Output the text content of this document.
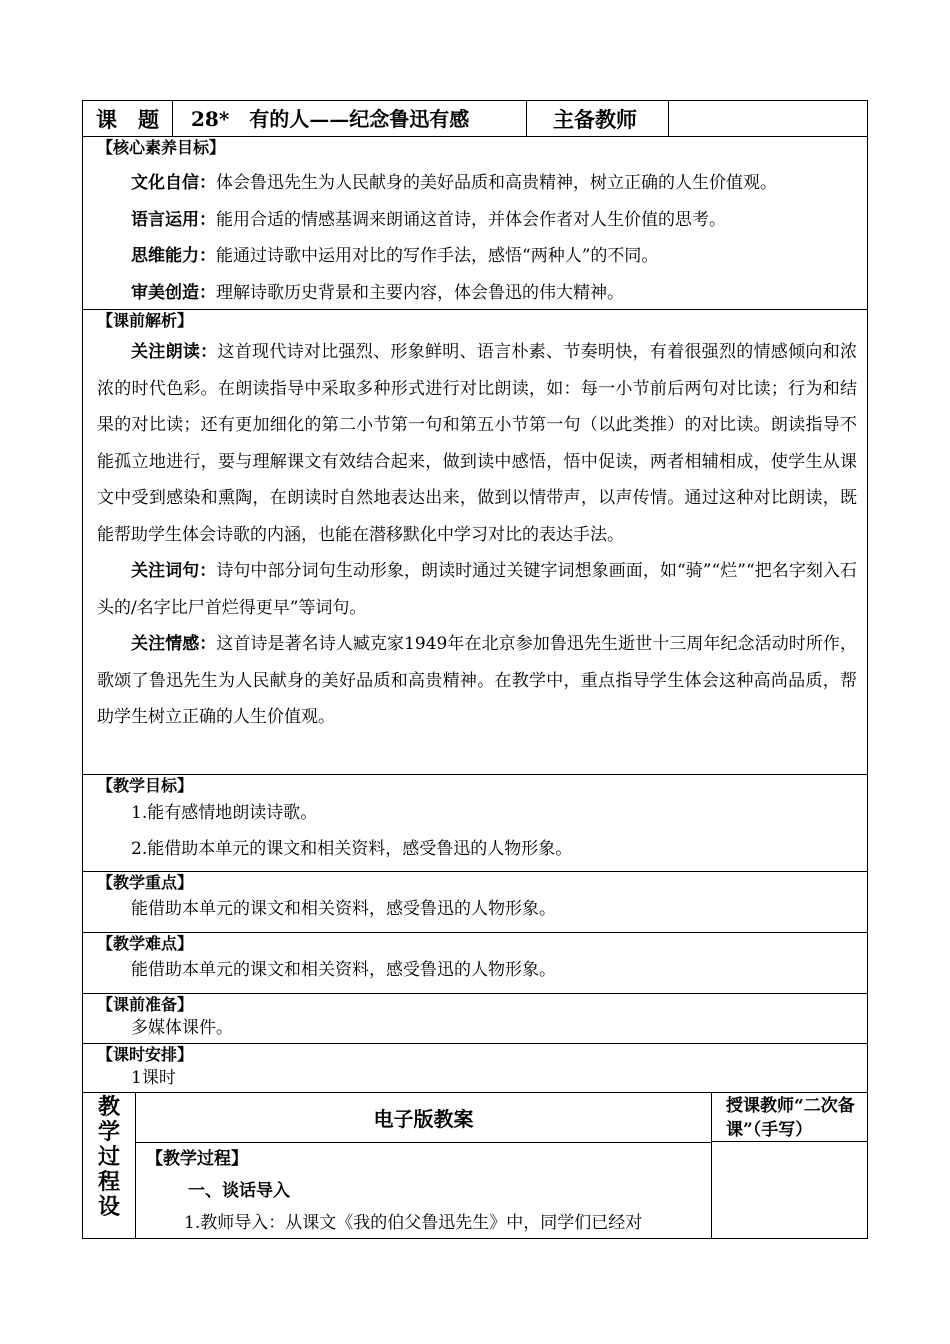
课　题	28*　有的人——纪念鲁迅有感	主备教师
【核心素养目标】
文化自信：体会鲁迅先生为人民献身的美好品质和高贵精神，树立正确的人生价值观。
语言运用：能用合适的情感基调来朗诵这首诗，并体会作者对人生价值的思考。
思维能力：能通过诗歌中运用对比的写作手法，感悟“两种人”的不同。
审美创造：理解诗歌历史背景和主要内容，体会鲁迅的伟大精神。
【课前解析】

关注朗读：这首现代诗对比强烈、形象鲜明、语言朴素、节奏明快，有着很强烈的情感倾向和浓浓的时代色彩。在朗读指导中采取多种形式进行对比朗读，如：每一小节前后两句对比读；行为和结果的对比读；还有更加细化的第二小节第一句和第五小节第一句（以此类推）的对比读。朗读指导不能孤立地进行，要与理解课文有效结合起来，做到读中感悟，悟中促读，两者相辅相成，使学生从课文中受到感染和熏陶，在朗读时自然地表达出来，做到以情带声，以声传情。通过这种对比朗读，既能帮助学生体会诗歌的内涵，也能在潜移默化中学习对比的表达手法。

关注词句：诗句中部分词句生动形象，朗读时通过关键字词想象画面，如“骑”“烂”“把名字刻入石头的/名字比尸首烂得更早”等词句。

关注情感：这首诗是著名诗人臧克家1949年在北京参加鲁迅先生逝世十三周年纪念活动时所作，歌颂了鲁迅先生为人民献身的美好品质和高贵精神。在教学中，重点指导学生体会这种高尚品质，帮助学生树立正确的人生价值观。

【教学目标】
1.能有感情地朗读诗歌。
2.能借助本单元的课文和相关资料，感受鲁迅的人物形象。
【教学重点】
能借助本单元的课文和相关资料，感受鲁迅的人物形象。
【教学难点】
能借助本单元的课文和相关资料，感受鲁迅的人物形象。
【课前准备】
多媒体课件。
【课时安排】
1课时
教
学
过
程
设
电子版教案
【教学过程】
一、谈话导入
1.教师导入：从课文《我的伯父鲁迅先生》中，同学们已经对
授课教师“二次备课”（手写）
